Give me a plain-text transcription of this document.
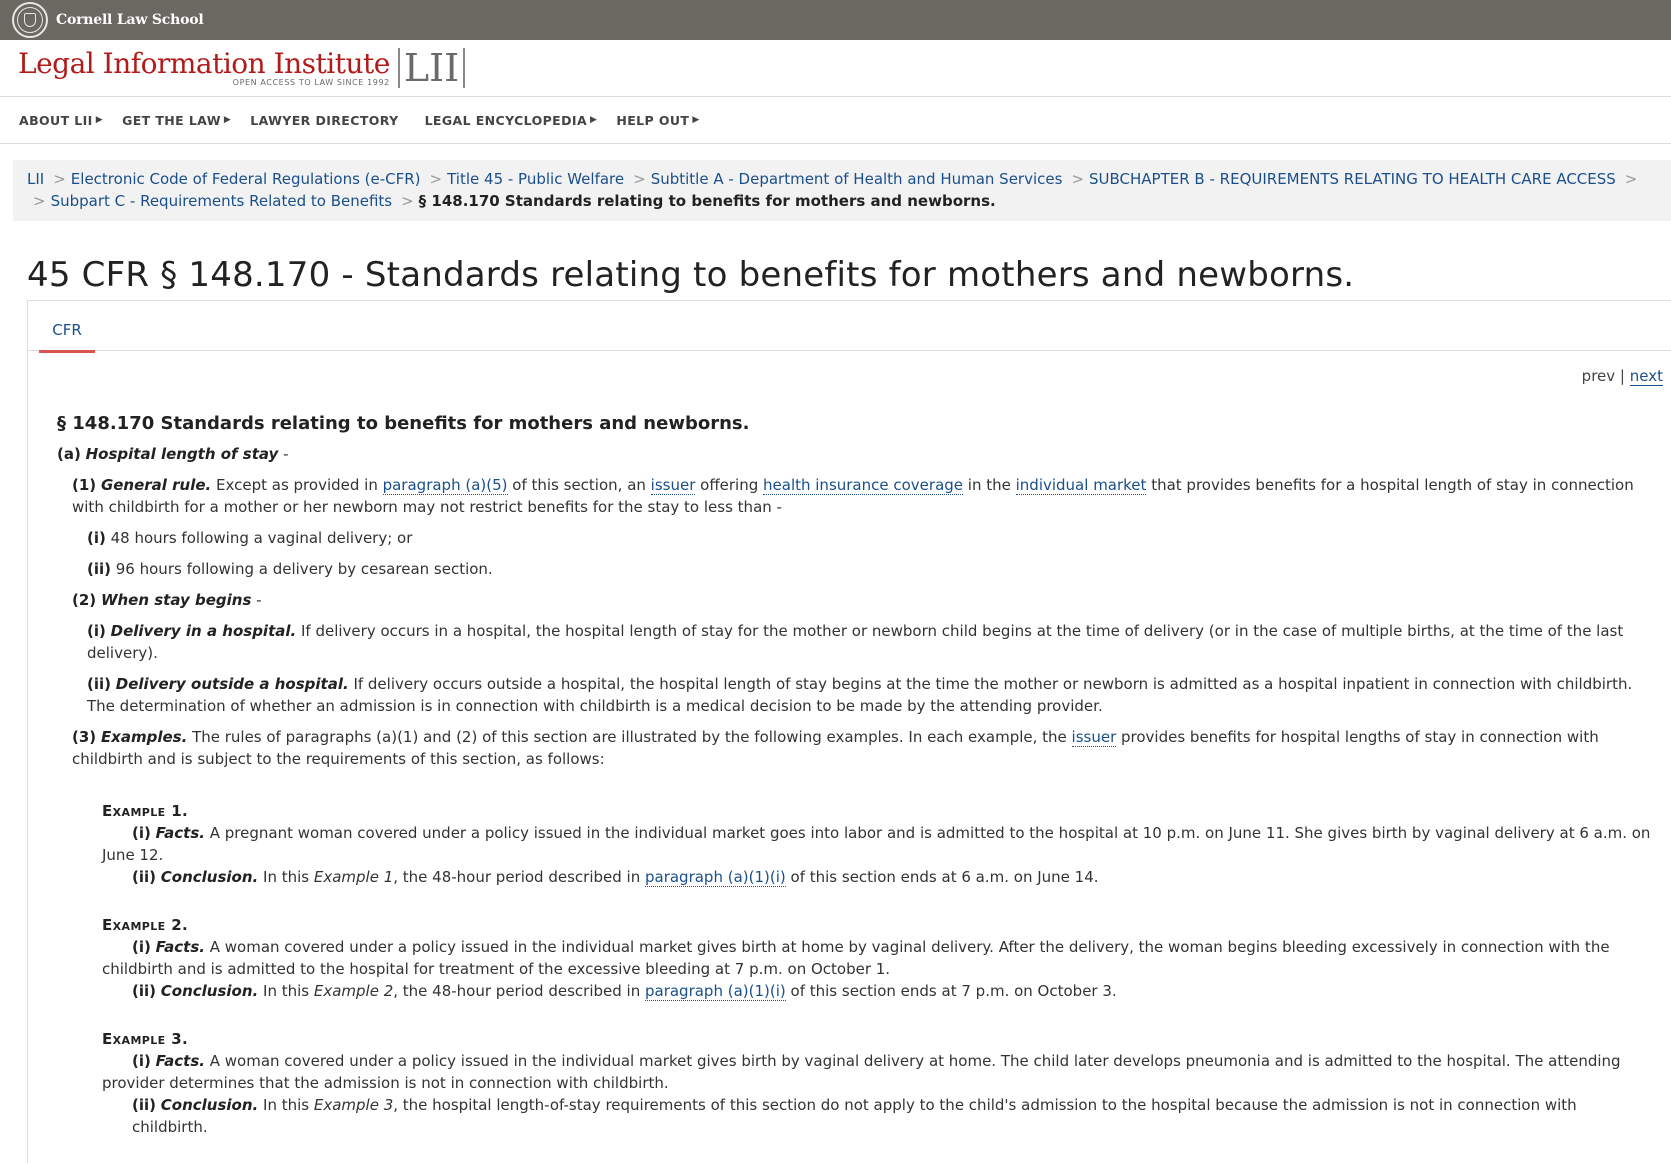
Cornell Law School
Legal Information Institute
OPEN ACCESS TO LAW SINCE 1992 LII
ABOUT LII ▶ GET THE LAW ▶ LAWYER DIRECTORY LEGAL ENCYCLOPEDIA ▶ HELP OUT ▶
LII > Electronic Code of Federal Regulations (e-CFR) > Title 45 - Public Welfare > Subtitle A - Department of Health and Human Services > SUBCHAPTER B - REQUIREMENTS RELATING TO HEALTH CARE ACCESS >
> Subpart C - Requirements Related to Benefits > § 148.170 Standards relating to benefits for mothers and newborns.
45 CFR § 148.170 - Standards relating to benefits for mothers and newborns.
CFR
prev | next
§ 148.170 Standards relating to benefits for mothers and newborns.
(a) Hospital length of stay -
(1) General rule. Except as provided in paragraph (a)(5) of this section, an issuer offering health insurance coverage in the individual market that provides benefits for a hospital length of stay in connection with childbirth for a mother or her newborn may not restrict benefits for the stay to less than -
(i) 48 hours following a vaginal delivery; or
(ii) 96 hours following a delivery by cesarean section.
(2) When stay begins -
(i) Delivery in a hospital. If delivery occurs in a hospital, the hospital length of stay for the mother or newborn child begins at the time of delivery (or in the case of multiple births, at the time of the last delivery).
(ii) Delivery outside a hospital. If delivery occurs outside a hospital, the hospital length of stay begins at the time the mother or newborn is admitted as a hospital inpatient in connection with childbirth. The determination of whether an admission is in connection with childbirth is a medical decision to be made by the attending provider.
(3) Examples. The rules of paragraphs (a)(1) and (2) of this section are illustrated by the following examples. In each example, the issuer provides benefits for hospital lengths of stay in connection with childbirth and is subject to the requirements of this section, as follows:
Example 1.
(i) Facts. A pregnant woman covered under a policy issued in the individual market goes into labor and is admitted to the hospital at 10 p.m. on June 11. She gives birth by vaginal delivery at 6 a.m. on June 12.
(ii) Conclusion. In this Example 1, the 48-hour period described in paragraph (a)(1)(i) of this section ends at 6 a.m. on June 14.
Example 2.
(i) Facts. A woman covered under a policy issued in the individual market gives birth at home by vaginal delivery. After the delivery, the woman begins bleeding excessively in connection with the childbirth and is admitted to the hospital for treatment of the excessive bleeding at 7 p.m. on October 1.
(ii) Conclusion. In this Example 2, the 48-hour period described in paragraph (a)(1)(i) of this section ends at 7 p.m. on October 3.
Example 3.
(i) Facts. A woman covered under a policy issued in the individual market gives birth by vaginal delivery at home. The child later develops pneumonia and is admitted to the hospital. The attending provider determines that the admission is not in connection with childbirth.
(ii) Conclusion. In this Example 3, the hospital length-of-stay requirements of this section do not apply to the child's admission to the hospital because the admission is not in connection with childbirth.
